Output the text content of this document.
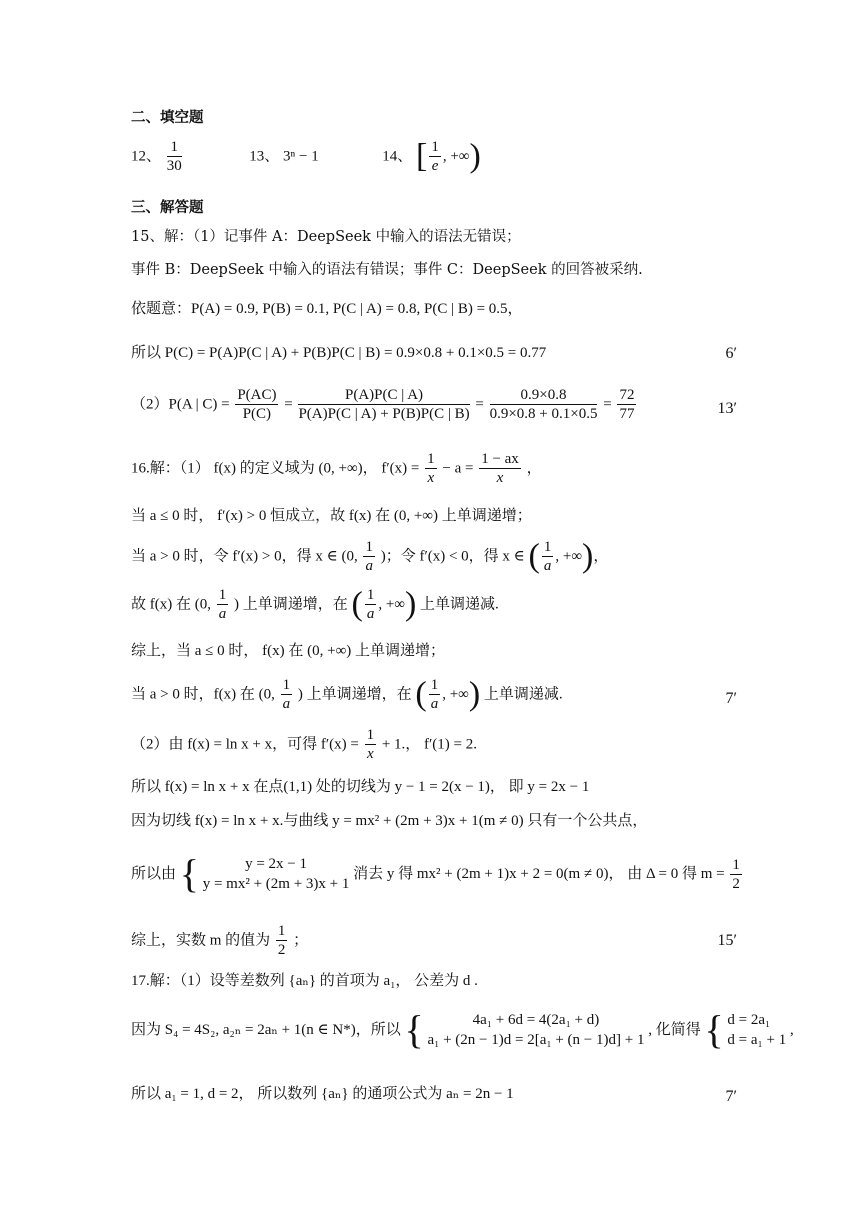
二、填空题
12、 $\frac{1}{30}$	13、 3ⁿ − 1	14、 [ $\frac{1}{e}$ , +∞)
三、解答题
15、解：（1）记事件 A：DeepSeek 中输入的语法无错误；
事件 B：DeepSeek 中输入的语法有错误；事件 C：DeepSeek 的回答被采纳.
依题意：P(A) = 0.9, P(B) = 0.1, P(C | A) = 0.8, P(C | B) = 0.5，
所以 P(C) = P(A)P(C | A) + P(B)P(C | B) = 0.9×0.8 + 0.1×0.5 = 0.77	6′
（2）P(A | $C) = \frac{P(AC)}{P(C)} = \frac{P(A)P(C | A)}{P(A)P(C | A) + P(B)P(C | B)} = \frac{0.9\times 0.8}{0.9\times 0.8 + 0.1\times 0.5} = \frac{72}{77}$	13′
16.解：（1） f(x) 的定义域为 (0, +∞)， $f'(x) = \frac{1}{x} - a = \frac{1 - ax}{x}$ ，
当 a ≤ 0 时， f′(x) > 0 恒成立，故 f(x) 在 (0, +∞) 上单调递增；
当 a > 0 时，令 f′(x) > 0，得 x ∈ (0, $\frac{1}{a}$ )；令 f′(x) < 0，得 x ∈ ( $\frac{1}{a}$ , +∞)，
故 f(x) 在 (0, $\frac{1}{a}$ ) 上单调递增，在 ( $\frac{1}{a}$ , +∞) 上单调递减.
综上，当 a ≤ 0 时， f(x) 在 (0, +∞) 上单调递增；
当 a > 0 时，f(x) 在 (0, $\frac{1}{a}$ ) 上单调递增，在 ( $\frac{1}{a}$ , +∞) 上单调递减.	7′
（2）由 f(x) = ln x + x，可得 $f'(x) = \frac{1}{x} + 1$.， f′(1) = 2.
所以 f(x) = ln x + x 在点(1,1) 处的切线为 y − 1 = 2(x − 1)， 即 y = 2x − 1
因为切线 f(x) = ln x + x.与曲线 y = mx² + (2m + 3)x + 1(m ≠ 0) 只有一个公共点，
所以由 {	y = 2x − 1
y = mx² + (2m + 3)x + 1
消去 y 得 mx² + (2m + 1)x + 2 = 0(m ≠ 0)， 由 Δ = 0 得 $m = \frac{1}{2}$
综上，实数 m 的值为 $\frac{1}{2}$ ；	15′
17.解：（1）设等差数列 {aₙ} 的首项为 a₁， 公差为 d .
因为 S₄ = 4S₂, a₂ₙ = 2aₙ + 1(n ∈ N*)，所以 {	4a₁ + 6d = 4(2a₁ + d)
a₁ + (2n − 1)d = 2[a₁ + (n − 1)d] + 1
, 化简得 { d = 2a₁
d = a₁ + 1
,
所以 a₁ = 1, d = 2， 所以数列 {aₙ} 的通项公式为 aₙ = 2n − 1	7′
